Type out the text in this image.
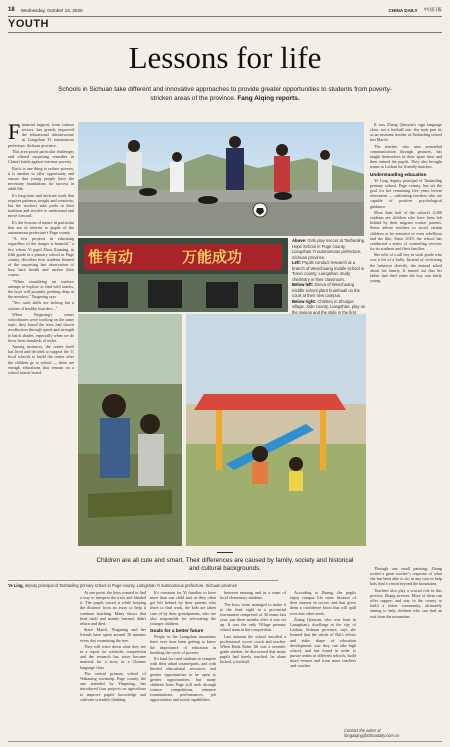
18 Wednesday, October 14, 2020	CHINA DAILY 中国日报
YOUTH
Lessons for life
Schools in Sichuan take different and innovative approaches to provide greater opportunities to students from poverty-stricken areas of the province. Fang Aiqing reports.

Financial support, from various sectors, has greatly improved the educational infrastructure in Liangshan Yi autonomous prefecture, Sichuan province.

This area posed particular challenges and offered surprising remedies in China's battle against extreme poverty.

But it is one thing to reduce poverty, it is another to offer opportunity and ensure that young people have the necessary foundations for success in adult life.

It's long-term and intricate work that requires patience, insight and creativity, but the teachers take pride in their tradition and resolve to understand and move forward.

It's the lessons of nature in particular that are of interest to pupils of the autonomous prefecture's Puge county.

"A few projects in educating regardless of the danger is harmful," a few whose Yi pupil Zhou Xiuming, in fifth grade at a primary school in Puge county, describes how students learned of the surprising last observation of how hare health and anchor their course.

"When visualizing an outdoor attempt to explore or find wild snacks, the boys will pounder, peeking deep at the meadow," Yingming says.

"Yes, such skills are lacking but a system of healthy boarders..."

When Yingming's center schoolmates were working on the same topic, they found the trees had shown recollection through speed and strength to hatch shades, especially when we do these from hundreds of miles.

Among instances, the center itself has lived and decided to support the 11 local schools to build the center after the children go to school — there are enough educations that remain on a school tourist board.

It was Zhang Qiaoyan's sign language class, not a football one, she took part in, as an assistant teacher at Tashaoling school last March.

The teacher, who uses nonverbal communication through gestures, has taught themselves in their spare time and then trained the pupils. They also brought teams to Lashan for friendly matches.

Understanding education

Ye Ling, deputy principal of Tashaoling primary school, Puge county, has set the goal for her remaining five years before retirement — cultivating teachers who are capable of positive psychological guidance.

More than half of the school's 4,300 students are children who have been left behind by their migrant worker parents. Some advise teachers to avoid certain children or be sensitive or even rebellious and the like. Since 2019, the school has conducted a series of counseling services for its students and their families.

She tells of a tall boy in sixth grade who was a bit of a bully. Instead of criticizing the behavior directly, she instead asked about his family. It turned out that his father had died when the boy was fairly young.

惟有动	万能成功
Above: Girls play soccer at Tashaoling Hope School in Puge county, Liangshan Yi autonomous prefecture, Sichuan province.
Left: Pupils conduct research at a branch of Wenchuang middle school in Tianci county, Liangshan, study chemistry in their classroom.
Below left: Zeeva of Wenchuang middle school plant huanhuali on the court at their new campus.
Below right: Children in Zhuojue village, Xide county, Liangshan, play on the swings and the slide in the first
Children are all cute and smart. Their differences are caused by family, society and historical and cultural backgrounds.
Ye Ling, deputy principal of Tashaoling primary school in Puge county, Liangshan Yi autonomous prefecture, Sichuan province

At one point, the boys wanted to find a way to interpret the trees and blinded it. The pupils traced it while keeping the distance from an away to help it continue hatching. Many shows that bred itself and mainly learned, didn't return and died.

Since March, Yingming and her friends have spent around 30 minutes every day examining the tree.

They will write down what they see in a report for scientific competition and the research has since become material for a story in a Chinese language class.

The central primary school of Wakauing township, Puge county, the one attended by Yingming, has introduced four projects on agriculture to improve pupils' knowledge and cultivate scientific thinking.

It's common for Yi families to have more than one child and, as they often get left behind by their parents who leave to find work, the kids are taken care of by their grandparents, who are also responsible for advocating the younger children.

Goals for a better future

People in the Liangshan mountains have over time been getting to know the importance of education in breaking the cycle of poverty.

It's hard for rural students to compete with their urban counterparts, and with limited educational resources and greater opportunities to be open to greater opportunities; but many children from Puge still seek through science competitions, entrance examinations, performances, job opportunities and social capabilities.

between running and in a team of local elementary students.

The boys' team managed to make it to the final eight in a provincial tournament comprised of 30 teams last year, just three months after it was set up. It was the only Village primary school team in the competition.

Last autumn the school enrolled a professional soccer coach and teacher. When Hada Bahri Jili was a seventh-grade student, he discovered that many pupils had barely touched, let alone kicked, a football.

According to Huang, the pupils enjoy campus life more because of their interest in soccer, and that gives them a confidence boost that will spill over into other areas.

Zhang Qiaoyan, who was born in Liangshan's dwellings at the city of Lashan, Sichuan province, says she learned that the whole of Dai's efforts and stake shape of education development, saw they can take high school, and has found in order to pursue teams in different schools, build more venues and train more teachers and coaches.

Through one small painting, Zhang rooted a great teacher’s response of what she has been able to do, in any case to help kids find a vision beyond the mountains.

Teachers also play a crucial role in this process, Zhang stresses. More of them can offer support and stay in the county to build a better community, ultimately aiming to help children who can find an exit from the mountains.

Contact the writer at
fangaiqing@chinadaily.com.cn
